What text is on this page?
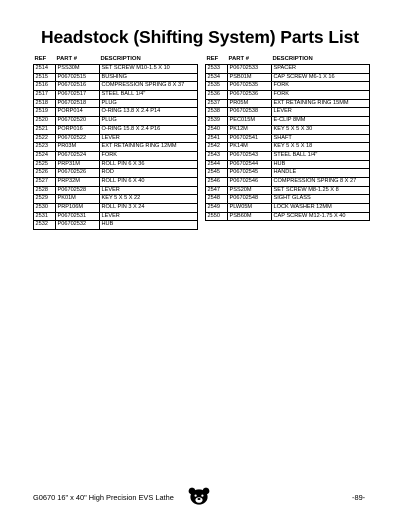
Headstock (Shifting System) Parts List
REF	PART #	DESCRIPTION
2514	PSS30M	SET SCREW M10-1.5 X 10
2515	P06702515	BUSHING
2516	P06702516	COMPRESSION SPRING 8 X 37
2517	P06702517	STEEL BALL 1/4"
2518	P06702518	PLUG
2519	PORP014	O-RING 13.8 X 2.4 P14
2520	P06702520	PLUG
2521	PORP016	O-RING 15.8 X 2.4 P16
2522	P06702522	LEVER
2523	PR03M	EXT RETAINING RING 12MM
2524	P06702524	FORK
2525	PRP31M	ROLL PIN 6 X 36
2526	P06702526	ROD
2527	PRP32M	ROLL PIN 6 X 40
2528	P06702528	LEVER
2529	PK01M	KEY 5 X 5 X 22
2530	PRP106M	ROLL PIN 3 X 24
2531	P06702531	LEVER
2532	P06702532	HUB
REF	PART #	DESCRIPTION
2533	P06702533	SPACER
2534	PSB01M	CAP SCREW M6-1 X 16
2535	P06702535	FORK
2536	P06702536	FORK
2537	PR05M	EXT RETAINING RING 15MM
2538	P06702538	LEVER
2539	PEC015M	E-CLIP 8MM
2540	PK12M	KEY 5 X 5 X 30
2541	P06702541	SHAFT
2542	PK14M	KEY 5 X 5 X 18
2543	P06702543	STEEL BALL 1/4"
2544	P06702544	HUB
2545	P06702545	HANDLE
2546	P06702546	COMPRESSION SPRING 8 X 27
2547	PSS20M	SET SCREW M8-1.25 X 8
2548	P06702548	SIGHT GLASS
2549	PLW05M	LOCK WASHER 12MM
2550	PSB60M	CAP SCREW M12-1.75 X 40
G0670 16" x 40" High Precision EVS Lathe	-89-
